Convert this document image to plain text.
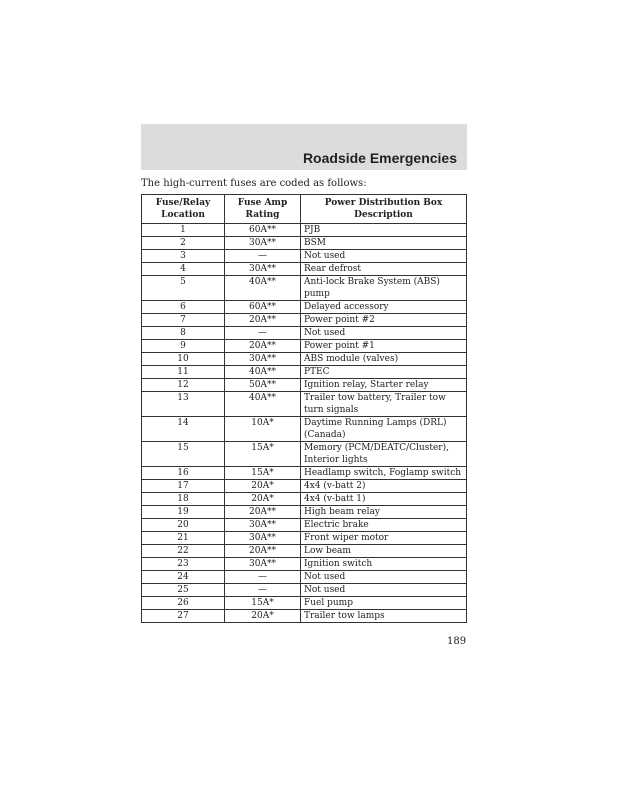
Roadside Emergencies
The high-current fuses are coded as follows:
Fuse/Relay Location	Fuse Amp Rating	Power Distribution Box Description
1	60A**	PJB
2	30A**	BSM
3	—	Not used
4	30A**	Rear defrost
5	40A**	Anti-lock Brake System (ABS) pump
6	60A**	Delayed accessory
7	20A**	Power point #2
8	—	Not used
9	20A**	Power point #1
10	30A**	ABS module (valves)
11	40A**	PTEC
12	50A**	Ignition relay, Starter relay
13	40A**	Trailer tow battery, Trailer tow turn signals
14	10A*	Daytime Running Lamps (DRL) (Canada)
15	15A*	Memory (PCM/DEATC/Cluster), Interior lights
16	15A*	Headlamp switch, Foglamp switch
17	20A*	4x4 (v-batt 2)
18	20A*	4x4 (v-batt 1)
19	20A**	High beam relay
20	30A**	Electric brake
21	30A**	Front wiper motor
22	20A**	Low beam
23	30A**	Ignition switch
24	—	Not used
25	—	Not used
26	15A*	Fuel pump
27	20A*	Trailer tow lamps
189
